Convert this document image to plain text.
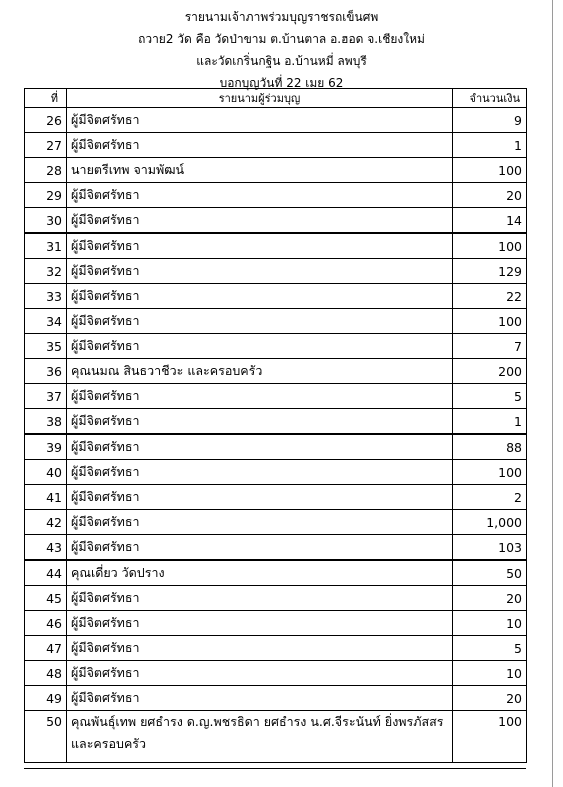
รายนามเจ้าภาพร่วมบุญราชรถเข็นศพ
ถวาย2 วัด คือ วัดป่าขาม ต.บ้านตาล อ.ฮอด จ.เชียงใหม่
และวัดเกริ่นกฐิน อ.บ้านหมี่ ลพบุรี
บอกบุญวันที่ 22 เมย 62
ที่	รายนามผู้ร่วมบุญ	จำนวนเงิน
26	ผู้มีจิตศรัทธา	9
27	ผู้มีจิตศรัทธา	1
28	นายตรีเทพ จามพัฒน์	100
29	ผู้มีจิตศรัทธา	20
30	ผู้มีจิตศรัทธา	14
31	ผู้มีจิตศรัทธา	100
32	ผู้มีจิตศรัทธา	129
33	ผู้มีจิตศรัทธา	22
34	ผู้มีจิตศรัทธา	100
35	ผู้มีจิตศรัทธา	7
36	คุณนมณ สินธวาชีวะ และครอบครัว	200
37	ผู้มีจิตศรัทธา	5
38	ผู้มีจิตศรัทธา	1
39	ผู้มีจิตศรัทธา	88
40	ผู้มีจิตศรัทธา	100
41	ผู้มีจิตศรัทธา	2
42	ผู้มีจิตศรัทธา	1,000
43	ผู้มีจิตศรัทธา	103
44	คุณเดี่ยว วัดปราง	50
45	ผู้มีจิตศรัทธา	20
46	ผู้มีจิตศรัทธา	10
47	ผู้มีจิตศรัทธา	5
48	ผู้มีจิตศรัทธา	10
49	ผู้มีจิตศรัทธา	20
50	คุณพันธุ์เทพ ยศธำรง ด.ญ.พชรธิดา ยศธำรง น.ศ.จีระนันท์ ยิ่งพรภัสสร และครอบครัว	100
